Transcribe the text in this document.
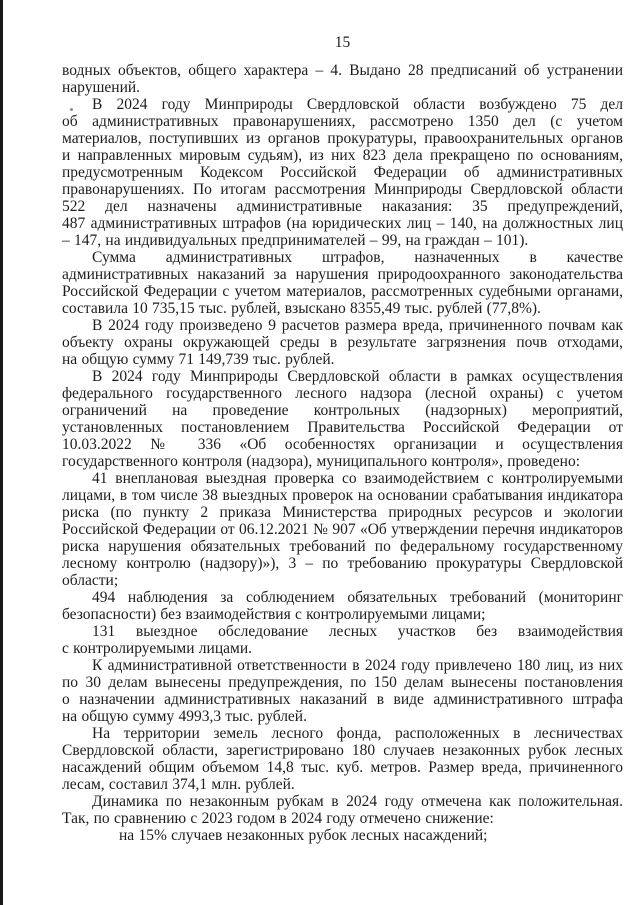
15

водных объектов, общего характера – 4. Выдано 28 предписаний об устранении нарушений.

В 2024 году Минприроды Свердловской области возбуждено 75 дел об административных правонарушениях, рассмотрено 1350 дел (с учетом материалов, поступивших из органов прокуратуры, правоохранительных органов и направленных мировым судьям), из них 823 дела прекращено по основаниям, предусмотренным Кодексом Российской Федерации об административных правонарушениях. По итогам рассмотрения Минприроды Свердловской области 522 дел назначены административные наказания: 35 предупреждений, 487 административных штрафов (на юридических лиц – 140, на должностных лиц – 147, на индивидуальных предпринимателей – 99, на граждан – 101).

Сумма административных штрафов, назначенных в качестве административных наказаний за нарушения природоохранного законодательства Российской Федерации с учетом материалов, рассмотренных судебными органами, составила 10 735,15 тыс. рублей, взыскано 8355,49 тыс. рублей (77,8%).

В 2024 году произведено 9 расчетов размера вреда, причиненного почвам как объекту охраны окружающей среды в результате загрязнения почв отходами, на общую сумму 71 149,739 тыс. рублей.

В 2024 году Минприроды Свердловской области в рамках осуществления федерального государственного лесного надзора (лесной охраны) с учетом ограничений на проведение контрольных (надзорных) мероприятий, установленных постановлением Правительства Российской Федерации от 10.03.2022 № 336 «Об особенностях организации и осуществления государственного контроля (надзора), муниципального контроля», проведено:

41 внеплановая выездная проверка со взаимодействием с контролируемыми лицами, в том числе 38 выездных проверок на основании срабатывания индикатора риска (по пункту 2 приказа Министерства природных ресурсов и экологии Российской Федерации от 06.12.2021 № 907 «Об утверждении перечня индикаторов риска нарушения обязательных требований по федеральному государственному лесному контролю (надзору)»), 3 – по требованию прокуратуры Свердловской области;

494 наблюдения за соблюдением обязательных требований (мониторинг безопасности) без взаимодействия с контролируемыми лицами;

131 выездное обследование лесных участков без взаимодействия с контролируемыми лицами.

К административной ответственности в 2024 году привлечено 180 лиц, из них по 30 делам вынесены предупреждения, по 150 делам вынесены постановления о назначении административных наказаний в виде административного штрафа на общую сумму 4993,3 тыс. рублей.

На территории земель лесного фонда, расположенных в лесничествах Свердловской области, зарегистрировано 180 случаев незаконных рубок лесных насаждений общим объемом 14,8 тыс. куб. метров. Размер вреда, причиненного лесам, составил 374,1 млн. рублей.

Динамика по незаконным рубкам в 2024 году отмечена как положительная. Так, по сравнению с 2023 годом в 2024 году отмечено снижение:

на 15% случаев незаконных рубок лесных насаждений;
